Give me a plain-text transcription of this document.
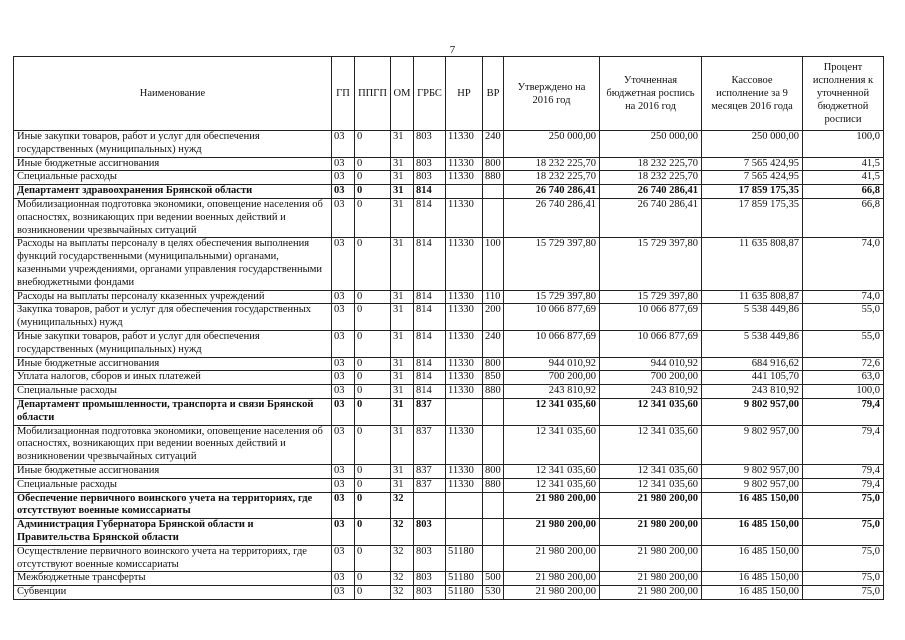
7
Наименование	ГП	ППГП	ОМ	ГРБС	НР	ВР	Утверждено на 2016 год	Уточненная бюджетная роспись на 2016 год	Кассовое исполнение за 9 месяцев 2016 года	Процент исполнения к уточненной бюджетной росписи
Иные закупки товаров, работ и услуг для обеспечения государственных (муниципальных) нужд	03	0	31	803	11330	240	250 000,00	250 000,00	250 000,00	100,0
Иные бюджетные ассигнования	03	0	31	803	11330	800	18 232 225,70	18 232 225,70	7 565 424,95	41,5
Специальные расходы	03	0	31	803	11330	880	18 232 225,70	18 232 225,70	7 565 424,95	41,5
Департамент здравоохранения Брянской области	03	0	31	814			26 740 286,41	26 740 286,41	17 859 175,35	66,8
Мобилизационная подготовка экономики, оповещение населения об опасностях, возникающих при ведении военных действий и возникновении чрезвычайных ситуаций	03	0	31	814	11330		26 740 286,41	26 740 286,41	17 859 175,35	66,8
Расходы на выплаты персоналу в целях обеспечения выполнения функций государственными (муниципальными) органами, казенными учреждениями, органами управления государственными внебюджетными фондами	03	0	31	814	11330	100	15 729 397,80	15 729 397,80	11 635 808,87	74,0
Расходы на выплаты персоналу кказенных учреждений	03	0	31	814	11330	110	15 729 397,80	15 729 397,80	11 635 808,87	74,0
Закупка товаров, работ и услуг для обеспечения государственных (муниципальных) нужд	03	0	31	814	11330	200	10 066 877,69	10 066 877,69	5 538 449,86	55,0
Иные закупки товаров, работ и услуг для обеспечения государственных (муниципальных) нужд	03	0	31	814	11330	240	10 066 877,69	10 066 877,69	5 538 449,86	55,0
Иные бюджетные ассигнования	03	0	31	814	11330	800	944 010,92	944 010,92	684 916,62	72,6
Уплата налогов, сборов и иных платежей	03	0	31	814	11330	850	700 200,00	700 200,00	441 105,70	63,0
Специальные расходы	03	0	31	814	11330	880	243 810,92	243 810,92	243 810,92	100,0
Департамент промышленности, транспорта и связи Брянской области	03	0	31	837			12 341 035,60	12 341 035,60	9 802 957,00	79,4
Мобилизационная подготовка экономики, оповещение населения об опасностях, возникающих при ведении военных действий и возникновении чрезвычайных ситуаций	03	0	31	837	11330		12 341 035,60	12 341 035,60	9 802 957,00	79,4
Иные бюджетные ассигнования	03	0	31	837	11330	800	12 341 035,60	12 341 035,60	9 802 957,00	79,4
Специальные расходы	03	0	31	837	11330	880	12 341 035,60	12 341 035,60	9 802 957,00	79,4
Обеспечение первичного воинского учета на территориях, где отсутствуют военные комиссариаты	03	0	32				21 980 200,00	21 980 200,00	16 485 150,00	75,0
Администрация Губернатора Брянской области и Правительства Брянской области	03	0	32	803			21 980 200,00	21 980 200,00	16 485 150,00	75,0
Осуществление первичного воинского учета на территориях, где отсутствуют военные комиссариаты	03	0	32	803	51180		21 980 200,00	21 980 200,00	16 485 150,00	75,0
Межбюджетные трансферты	03	0	32	803	51180	500	21 980 200,00	21 980 200,00	16 485 150,00	75,0
Субвенции	03	0	32	803	51180	530	21 980 200,00	21 980 200,00	16 485 150,00	75,0
